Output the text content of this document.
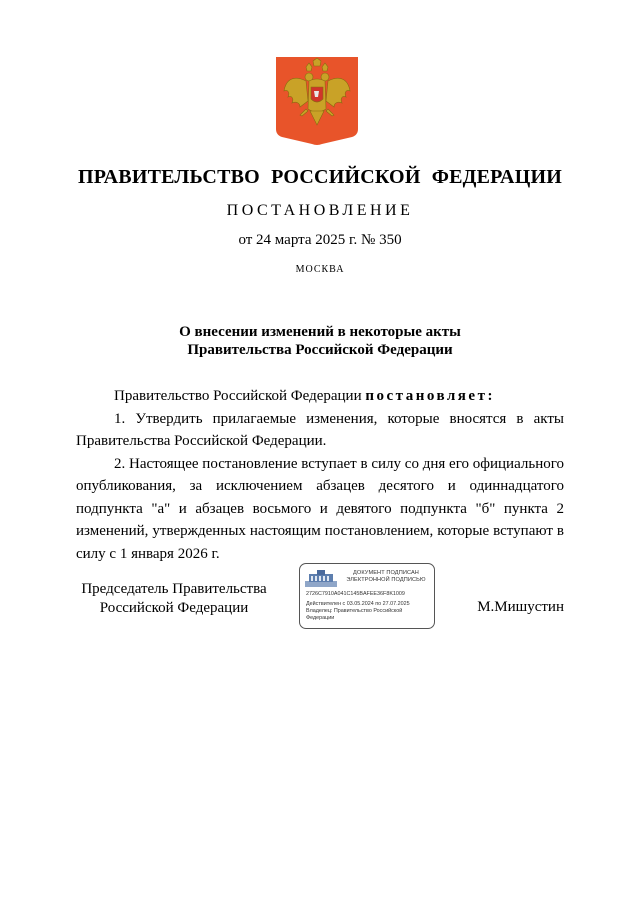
ПРАВИТЕЛЬСТВО РОССИЙСКОЙ ФЕДЕРАЦИИ
ПОСТАНОВЛЕНИЕ
от 24 марта 2025 г. № 350
МОСКВА
О внесении изменений в некоторые акты
Правительства Российской Федерации

Правительство Российской Федерации постановляет:

1. Утвердить прилагаемые изменения, которые вносятся в акты Правительства Российской Федерации.

2. Настоящее постановление вступает в силу со дня его официального опубликования, за исключением абзацев десятого и одиннадцатого подпункта "а" и абзацев восьмого и девятого подпункта "б" пункта 2 изменений, утвержденных настоящим постановлением, которые вступают в силу с 1 января 2026 г.

Председатель Правительства
Российской Федерации
ДОКУМЕНТ ПОДПИСАН
ЭЛЕКТРОННОЙ ПОДПИСЬЮ
2726C7910A041C145BAFEE36F8K1009
Действителен с 03.05.2024 по 27.07.2025
Владелец: Правительство Российской
Федерации
М.Мишустин
